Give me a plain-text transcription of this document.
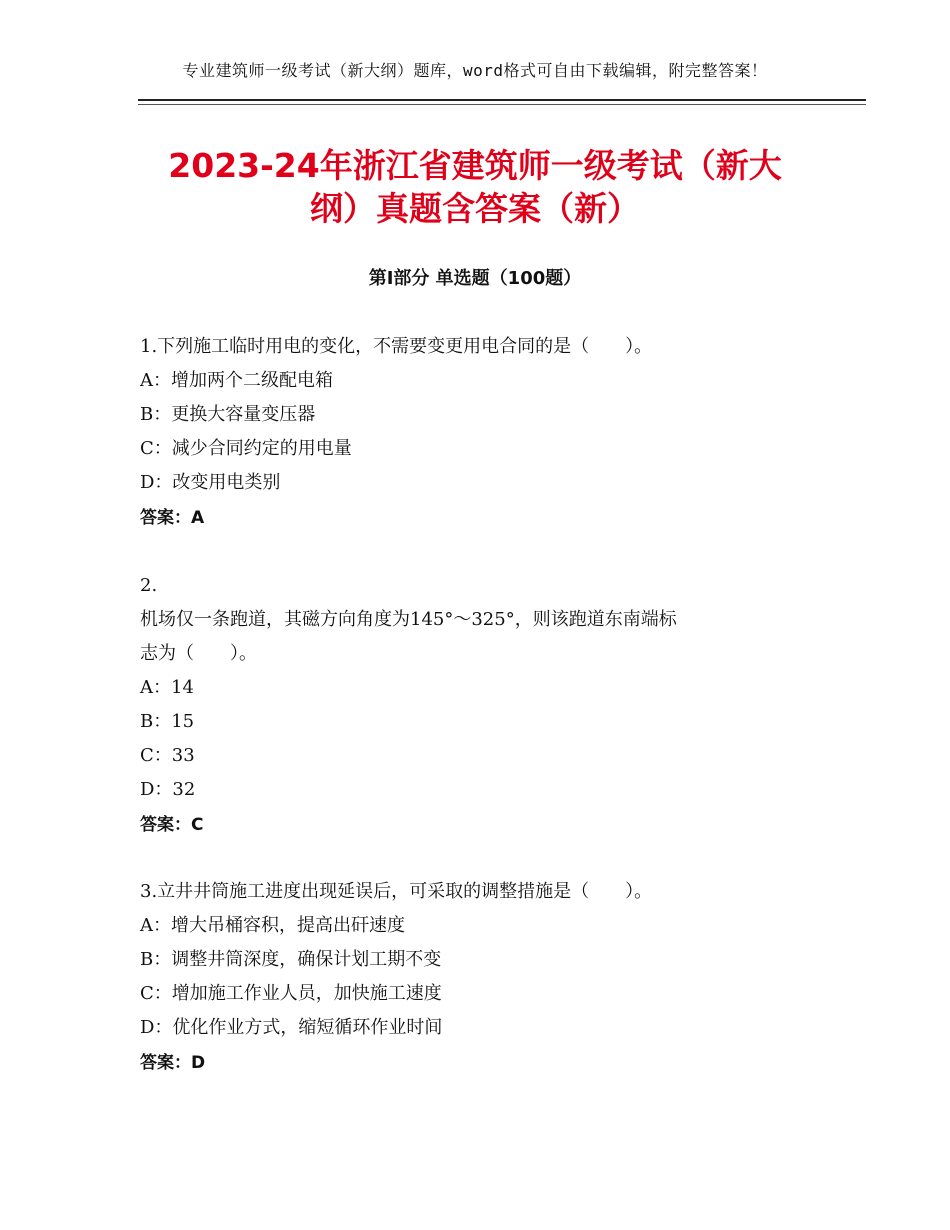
专业建筑师一级考试（新大纲）题库，word格式可自由下载编辑，附完整答案！
2023-24年浙江省建筑师一级考试（新大
纲）真题含答案（新）
第Ⅰ部分 单选题（100题）
1.下列施工临时用电的变化，不需要变更用电合同的是（　　）。
A：增加两个二级配电箱
B：更换大容量变压器
C：减少合同约定的用电量
D：改变用电类别
答案：A
2.
机场仅一条跑道，其磁方向角度为145°～325°，则该跑道东南端标
志为（　　）。
A：14
B：15
C：33
D：32
答案：C
3.立井井筒施工进度出现延误后，可采取的调整措施是（　　）。
A：增大吊桶容积，提高出矸速度
B：调整井筒深度，确保计划工期不变
C：增加施工作业人员，加快施工速度
D：优化作业方式，缩短循环作业时间
答案：D
